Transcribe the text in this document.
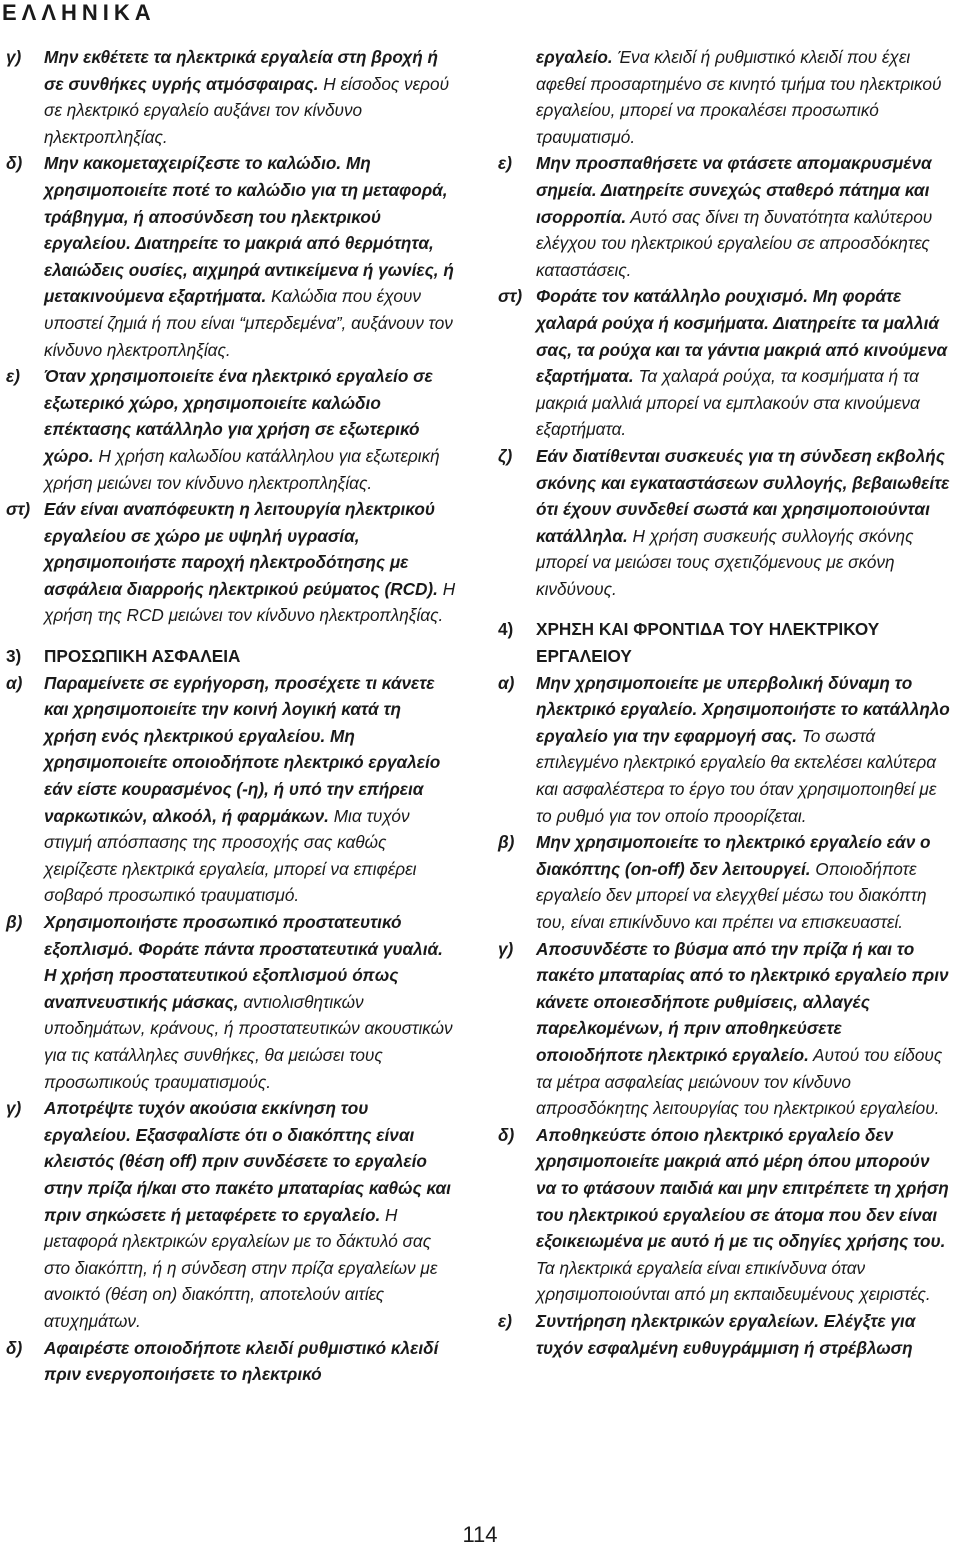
ΕΛΛΗΝΙΚΑ
γ) Μην εκθέτετε τα ηλεκτρικά εργαλεία στη βροχή ή σε συνθήκες υγρής ατμόσφαιρας. Η είσοδος νερού σε ηλεκτρικό εργαλείο αυξάνει τον κίνδυνο ηλεκτροπληξίας.
δ) Μην κακομεταχειρίζεστε το καλώδιο. Μη χρησιμοποιείτε ποτέ το καλώδιο για τη μεταφορά, τράβηγμα, ή αποσύνδεση του ηλεκτρικού εργαλείου. Διατηρείτε το μακριά από θερμότητα, ελαιώδεις ουσίες, αιχμηρά αντικείμενα ή γωνίες, ή μετακινούμενα εξαρτήματα. Καλώδια που έχουν υποστεί ζημιά ή που είναι “μπερδεμένα”, αυξάνουν τον κίνδυνο ηλεκτροπληξίας.
ε) Όταν χρησιμοποιείτε ένα ηλεκτρικό εργαλείο σε εξωτερικό χώρο, χρησιμοποιείτε καλώδιο επέκτασης κατάλληλο για χρήση σε εξωτερικό χώρο. Η χρήση καλωδίου κατάλληλου για εξωτερική χρήση μειώνει τον κίνδυνο ηλεκτροπληξίας.
στ) Εάν είναι αναπόφευκτη η λειτουργία ηλεκτρικού εργαλείου σε χώρο με υψηλή υγρασία, χρησιμοποιήστε παροχή ηλεκτροδότησης με ασφάλεια διαρροής ηλεκτρικού ρεύματος (RCD). Η χρήση της RCD μειώνει τον κίνδυνο ηλεκτροπληξίας.
3) ΠΡΟΣΩΠΙΚΗ ΑΣΦΑΛΕΙΑ
α) Παραμείνετε σε εγρήγορση, προσέχετε τι κάνετε και χρησιμοποιείτε την κοινή λογική κατά τη χρήση ενός ηλεκτρικού εργαλείου. Μη χρησιμοποιείτε οποιοδήποτε ηλεκτρικό εργαλείο εάν είστε κουρασμένος (-η), ή υπό την επήρεια ναρκωτικών, αλκοόλ, ή φαρμάκων. Μια τυχόν στιγμή απόσπασης της προσοχής σας καθώς χειρίζεστε ηλεκτρικά εργαλεία, μπορεί να επιφέρει σοβαρό προσωπικό τραυματισμό.
β) Χρησιμοποιήστε προσωπικό προστατευτικό εξοπλισμό. Φοράτε πάντα προστατευτικά γυαλιά. Η χρήση προστατευτικού εξοπλισμού όπως αναπνευστικής μάσκας, αντιολισθητικών υποδημάτων, κράνους, ή προστατευτικών ακουστικών για τις κατάλληλες συνθήκες, θα μειώσει τους προσωπικούς τραυματισμούς.
γ) Αποτρέψτε τυχόν ακούσια εκκίνηση του εργαλείου. Εξασφαλίστε ότι ο διακόπτης είναι κλειστός (θέση off) πριν συνδέσετε το εργαλείο στην πρίζα ή/και στο πακέτο μπαταρίας καθώς και πριν σηκώσετε ή μεταφέρετε το εργαλείο. Η μεταφορά ηλεκτρικών εργαλείων με το δάκτυλό σας στο διακόπτη, ή η σύνδεση στην πρίζα εργαλείων με ανοικτό (θέση on) διακόπτη, αποτελούν αιτίες ατυχημάτων.
δ) Αφαιρέστε οποιοδήποτε κλειδί ρυθμιστικό κλειδί πριν ενεργοποιήσετε το ηλεκτρικό
εργαλείο. Ένα κλειδί ή ρυθμιστικό κλειδί που έχει αφεθεί προσαρτημένο σε κινητό τμήμα του ηλεκτρικού εργαλείου, μπορεί να προκαλέσει προσωπικό τραυματισμό.
ε) Μην προσπαθήσετε να φτάσετε απομακρυσμένα σημεία. Διατηρείτε συνεχώς σταθερό πάτημα και ισορροπία. Αυτό σας δίνει τη δυνατότητα καλύτερου ελέγχου του ηλεκτρικού εργαλείου σε απροσδόκητες καταστάσεις.
στ) Φοράτε τον κατάλληλο ρουχισμό. Μη φοράτε χαλαρά ρούχα ή κοσμήματα. Διατηρείτε τα μαλλιά σας, τα ρούχα και τα γάντια μακριά από κινούμενα εξαρτήματα. Τα χαλαρά ρούχα, τα κοσμήματα ή τα μακριά μαλλιά μπορεί να εμπλακούν στα κινούμενα εξαρτήματα.
ζ) Εάν διατίθενται συσκευές για τη σύνδεση εκβολής σκόνης και εγκαταστάσεων συλλογής, βεβαιωθείτε ότι έχουν συνδεθεί σωστά και χρησιμοποιούνται κατάλληλα. Η χρήση συσκευής συλλογής σκόνης μπορεί να μειώσει τους σχετιζόμενους με σκόνη κινδύνους.
4) ΧΡΗΣΗ ΚΑΙ ΦΡΟΝΤΙΔΑ ΤΟΥ ΗΛΕΚΤΡΙΚΟΥ ΕΡΓΑΛΕΙΟΥ
α) Μην χρησιμοποιείτε με υπερβολική δύναμη το ηλεκτρικό εργαλείο. Χρησιμοποιήστε το κατάλληλο εργαλείο για την εφαρμογή σας. Το σωστά επιλεγμένο ηλεκτρικό εργαλείο θα εκτελέσει καλύτερα και ασφαλέστερα το έργο του όταν χρησιμοποιηθεί με το ρυθμό για τον οποίο προορίζεται.
β) Μην χρησιμοποιείτε το ηλεκτρικό εργαλείο εάν ο διακόπτης (on-off) δεν λειτουργεί. Οποιοδήποτε εργαλείο δεν μπορεί να ελεγχθεί μέσω του διακόπτη του, είναι επικίνδυνο και πρέπει να επισκευαστεί.
γ) Αποσυνδέστε το βύσμα από την πρίζα ή και το πακέτο μπαταρίας από το ηλεκτρικό εργαλείο πριν κάνετε οποιεσδήποτε ρυθμίσεις, αλλαγές παρελκομένων, ή πριν αποθηκεύσετε οποιοδήποτε ηλεκτρικό εργαλείο. Αυτού του είδους τα μέτρα ασφαλείας μειώνουν τον κίνδυνο απροσδόκητης λειτουργίας του ηλεκτρικού εργαλείου.
δ) Αποθηκεύστε όποιο ηλεκτρικό εργαλείο δεν χρησιμοποιείτε μακριά από μέρη όπου μπορούν να το φτάσουν παιδιά και μην επιτρέπετε τη χρήση του ηλεκτρικού εργαλείου σε άτομα που δεν είναι εξοικειωμένα με αυτό ή με τις οδηγίες χρήσης του. Τα ηλεκτρικά εργαλεία είναι επικίνδυνα όταν χρησιμοποιούνται από μη εκπαιδευμένους χειριστές.
ε) Συντήρηση ηλεκτρικών εργαλείων. Ελέγξτε για τυχόν εσφαλμένη ευθυγράμμιση ή στρέβλωση
114
